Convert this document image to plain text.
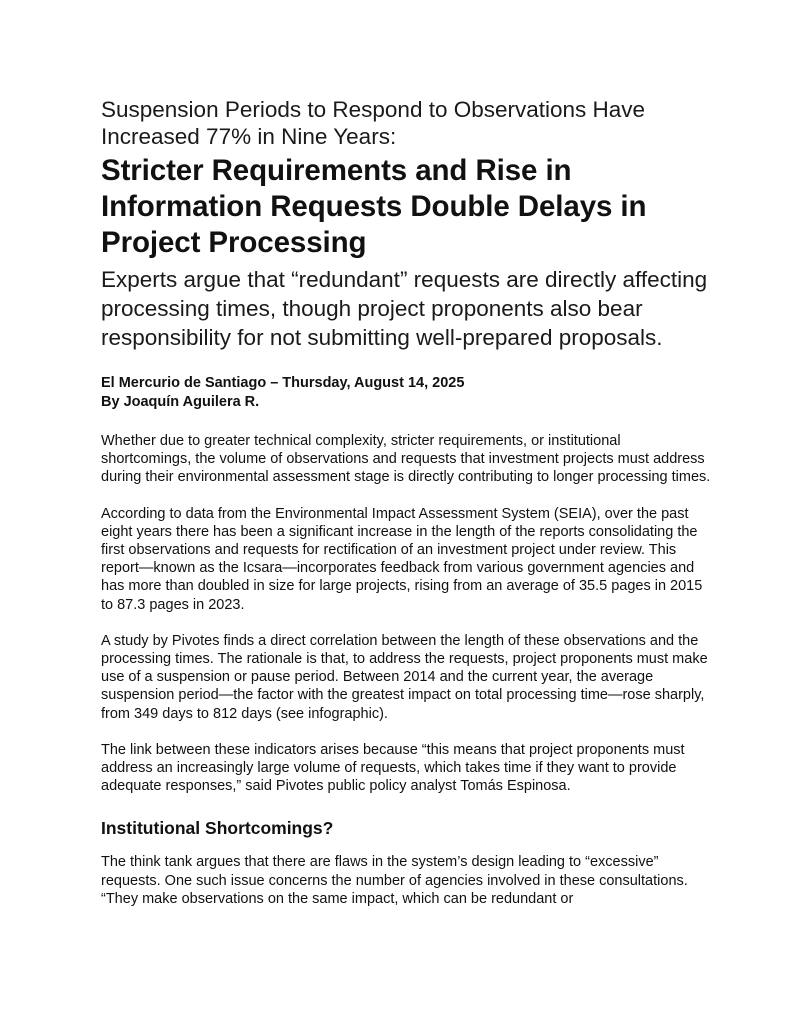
Suspension Periods to Respond to Observations Have Increased 77% in Nine Years:
Stricter Requirements and Rise in Information Requests Double Delays in Project Processing

Experts argue that “redundant” requests are directly affecting processing times, though project proponents also bear responsibility for not submitting well-prepared proposals.

El Mercurio de Santiago – Thursday, August 14, 2025
By Joaquín Aguilera R.

Whether due to greater technical complexity, stricter requirements, or institutional shortcomings, the volume of observations and requests that investment projects must address during their environmental assessment stage is directly contributing to longer processing times.

According to data from the Environmental Impact Assessment System (SEIA), over the past eight years there has been a significant increase in the length of the reports consolidating the first observations and requests for rectification of an investment project under review. This report—known as the Icsara—incorporates feedback from various government agencies and has more than doubled in size for large projects, rising from an average of 35.5 pages in 2015 to 87.3 pages in 2023.

A study by Pivotes finds a direct correlation between the length of these observations and the processing times. The rationale is that, to address the requests, project proponents must make use of a suspension or pause period. Between 2014 and the current year, the average suspension period—the factor with the greatest impact on total processing time—rose sharply, from 349 days to 812 days (see infographic).

The link between these indicators arises because “this means that project proponents must address an increasingly large volume of requests, which takes time if they want to provide adequate responses,” said Pivotes public policy analyst Tomás Espinosa.

Institutional Shortcomings?

The think tank argues that there are flaws in the system’s design leading to “excessive” requests. One such issue concerns the number of agencies involved in these consultations. “They make observations on the same impact, which can be redundant or
